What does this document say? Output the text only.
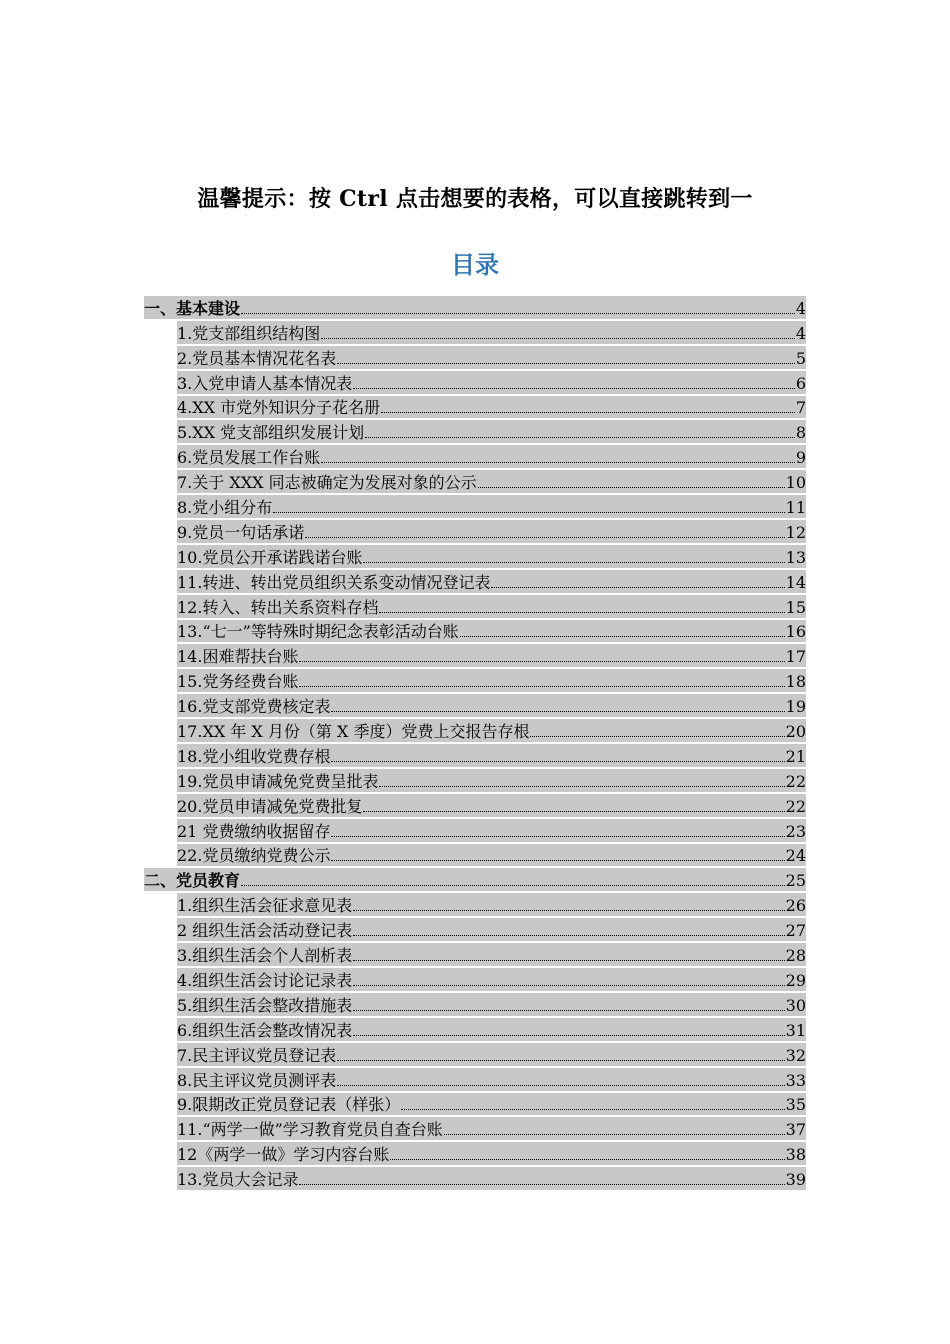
温馨提示：按 Ctrl 点击想要的表格，可以直接跳转到一
目录
一、基本建设	4
1.党支部组织结构图	4
2.党员基本情况花名表	5
3.入党申请人基本情况表	6
4.XX 市党外知识分子花名册	7
5.XX 党支部组织发展计划	8
6.党员发展工作台账	9
7.关于 XXX 同志被确定为发展对象的公示	10
8.党小组分布	11
9.党员一句话承诺	12
10.党员公开承诺践诺台账	13
11.转进、转出党员组织关系变动情况登记表	14
12.转入、转出关系资料存档	15
13.“七一”等特殊时期纪念表彰活动台账	16
14.困难帮扶台账	17
15.党务经费台账	18
16.党支部党费核定表	19
17.XX 年 X 月份（第 X 季度）党费上交报告存根	20
18.党小组收党费存根	21
19.党员申请减免党费呈批表	22
20.党员申请减免党费批复	22
21 党费缴纳收据留存	23
22.党员缴纳党费公示	24
二、党员教育	25
1.组织生活会征求意见表	26
2 组织生活会活动登记表	27
3.组织生活会个人剖析表	28
4.组织生活会讨论记录表	29
5.组织生活会整改措施表	30
6.组织生活会整改情况表	31
7.民主评议党员登记表	32
8.民主评议党员测评表	33
9.限期改正党员登记表（样张）	35
11.“两学一做”学习教育党员自查台账	37
12《两学一做》学习内容台账	38
13.党员大会记录	39
